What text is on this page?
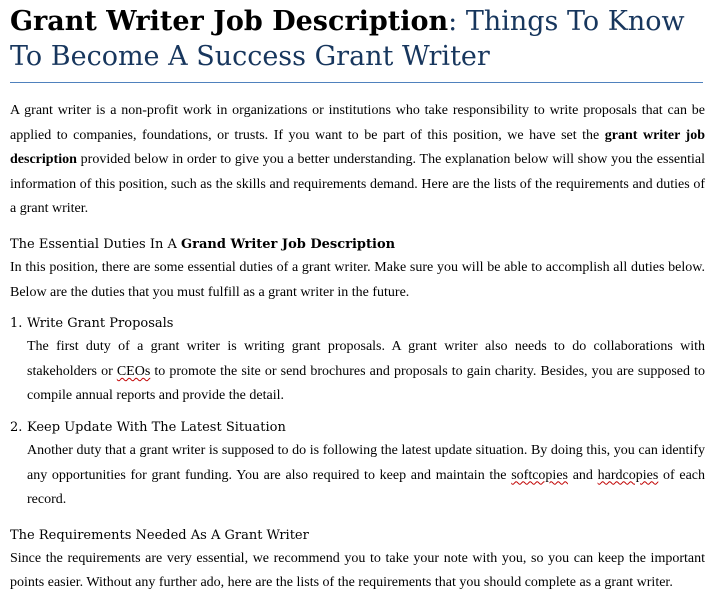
Grant Writer Job Description: Things To Know To Become A Success Grant Writer

A grant writer is a non-profit work in organizations or institutions who take responsibility to write proposals that can be applied to companies, foundations, or trusts. If you want to be part of this position, we have set the grant writer job description provided below in order to give you a better understanding. The explanation below will show you the essential information of this position, such as the skills and requirements demand. Here are the lists of the requirements and duties of a grant writer.

The Essential Duties In A Grand Writer Job Description

In this position, there are some essential duties of a grant writer. Make sure you will be able to accomplish all duties below. Below are the duties that you must fulfill as a grant writer in the future.

1. Write Grant Proposals
The first duty of a grant writer is writing grant proposals. A grant writer also needs to do collaborations with stakeholders or CEOs to promote the site or send brochures and proposals to gain charity. Besides, you are supposed to compile annual reports and provide the detail.
2. Keep Update With The Latest Situation
Another duty that a grant writer is supposed to do is following the latest update situation. By doing this, you can identify any opportunities for grant funding. You are also required to keep and maintain the softcopies and hardcopies of each record.
The Requirements Needed As A Grant Writer

Since the requirements are very essential, we recommend you to take your note with you, so you can keep the important points easier. Without any further ado, here are the lists of the requirements that you should complete as a grant writer.
